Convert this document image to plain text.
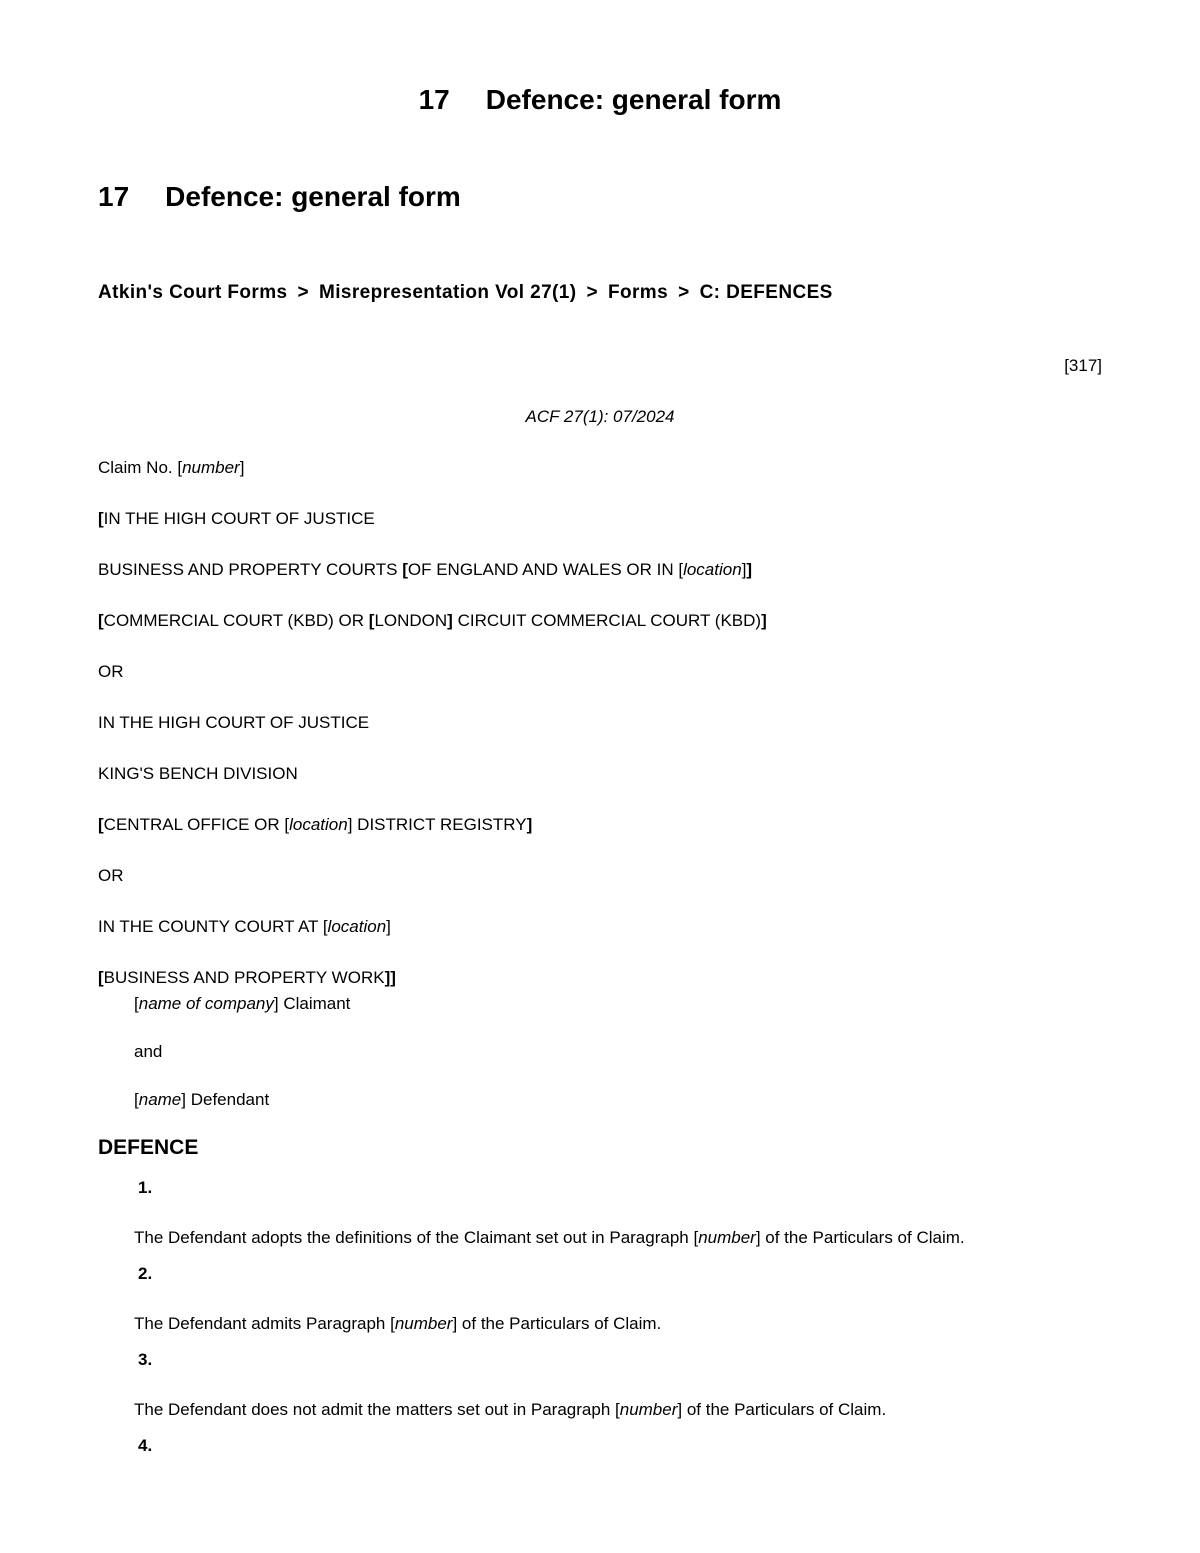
17 Defence: general form
17 Defence: general form
Atkin's Court Forms > Misrepresentation Vol 27(1) > Forms > C: DEFENCES
[317]
ACF 27(1): 07/2024
Claim No. [number]
[IN THE HIGH COURT OF JUSTICE
BUSINESS AND PROPERTY COURTS [OF ENGLAND AND WALES OR IN [location]]
[COMMERCIAL COURT (KBD) OR [LONDON] CIRCUIT COMMERCIAL COURT (KBD)]
OR
IN THE HIGH COURT OF JUSTICE
KING'S BENCH DIVISION
[CENTRAL OFFICE OR [location] DISTRICT REGISTRY]
OR
IN THE COUNTY COURT AT [location]
[BUSINESS AND PROPERTY WORK]]
[name of company] Claimant
and
[name] Defendant
DEFENCE
1.
The Defendant adopts the definitions of the Claimant set out in Paragraph [number] of the Particulars of Claim.
2.
The Defendant admits Paragraph [number] of the Particulars of Claim.
3.
The Defendant does not admit the matters set out in Paragraph [number] of the Particulars of Claim.
4.
